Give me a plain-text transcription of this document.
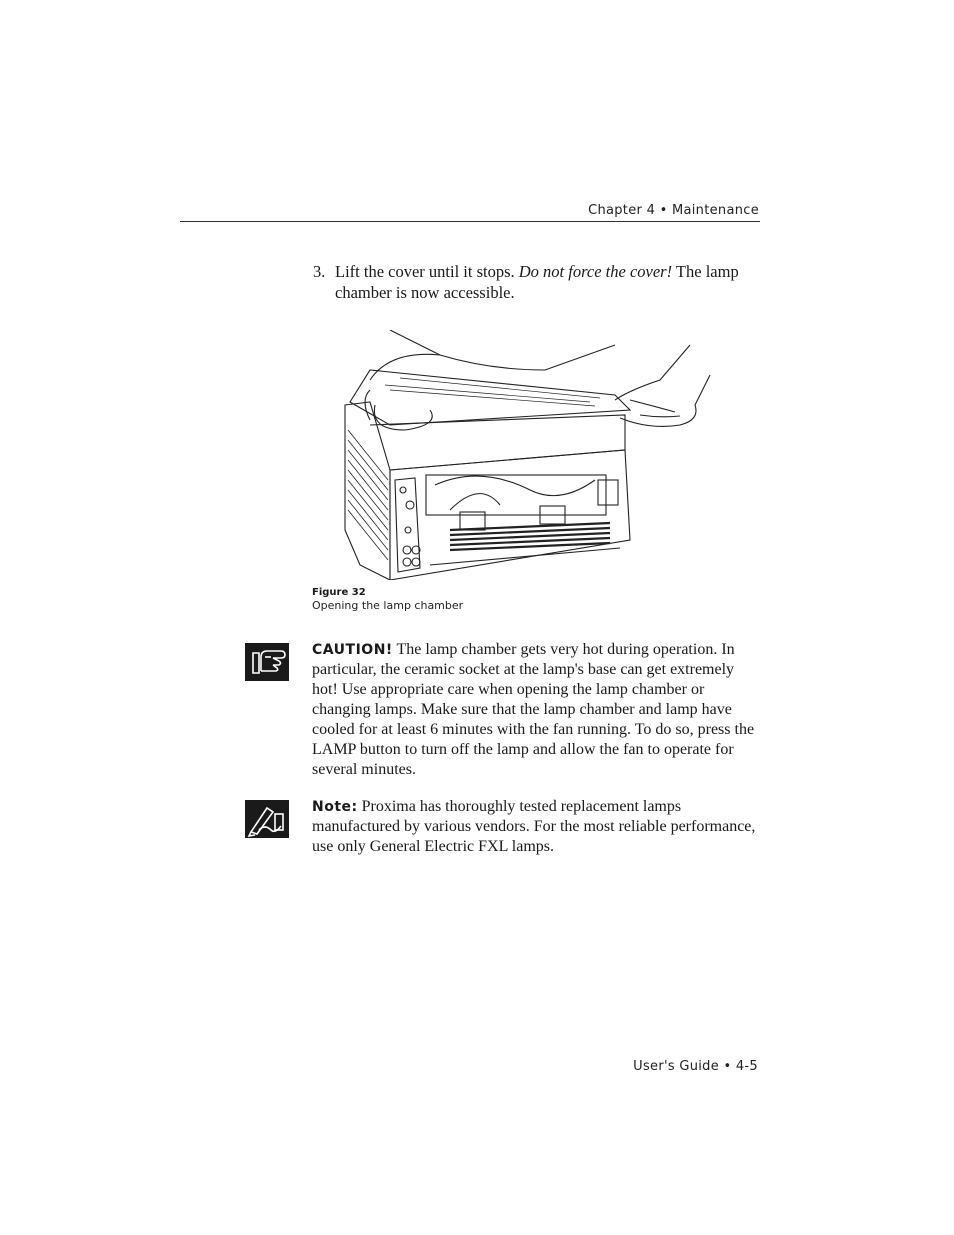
Chapter 4 • Maintenance
3. Lift the cover until it stops. Do not force the cover! The lamp chamber is now accessible.
Figure 32
Opening the lamp chamber
CAUTION! The lamp chamber gets very hot during operation. In particular, the ceramic socket at the lamp's base can get extremely hot! Use appropriate care when opening the lamp chamber or changing lamps. Make sure that the lamp chamber and lamp have cooled for at least 6 minutes with the fan running. To do so, press the LAMP button to turn off the lamp and allow the fan to operate for several minutes.
Note: Proxima has thoroughly tested replacement lamps manufactured by various vendors. For the most reliable performance, use only General Electric FXL lamps.
User's Guide • 4-5
